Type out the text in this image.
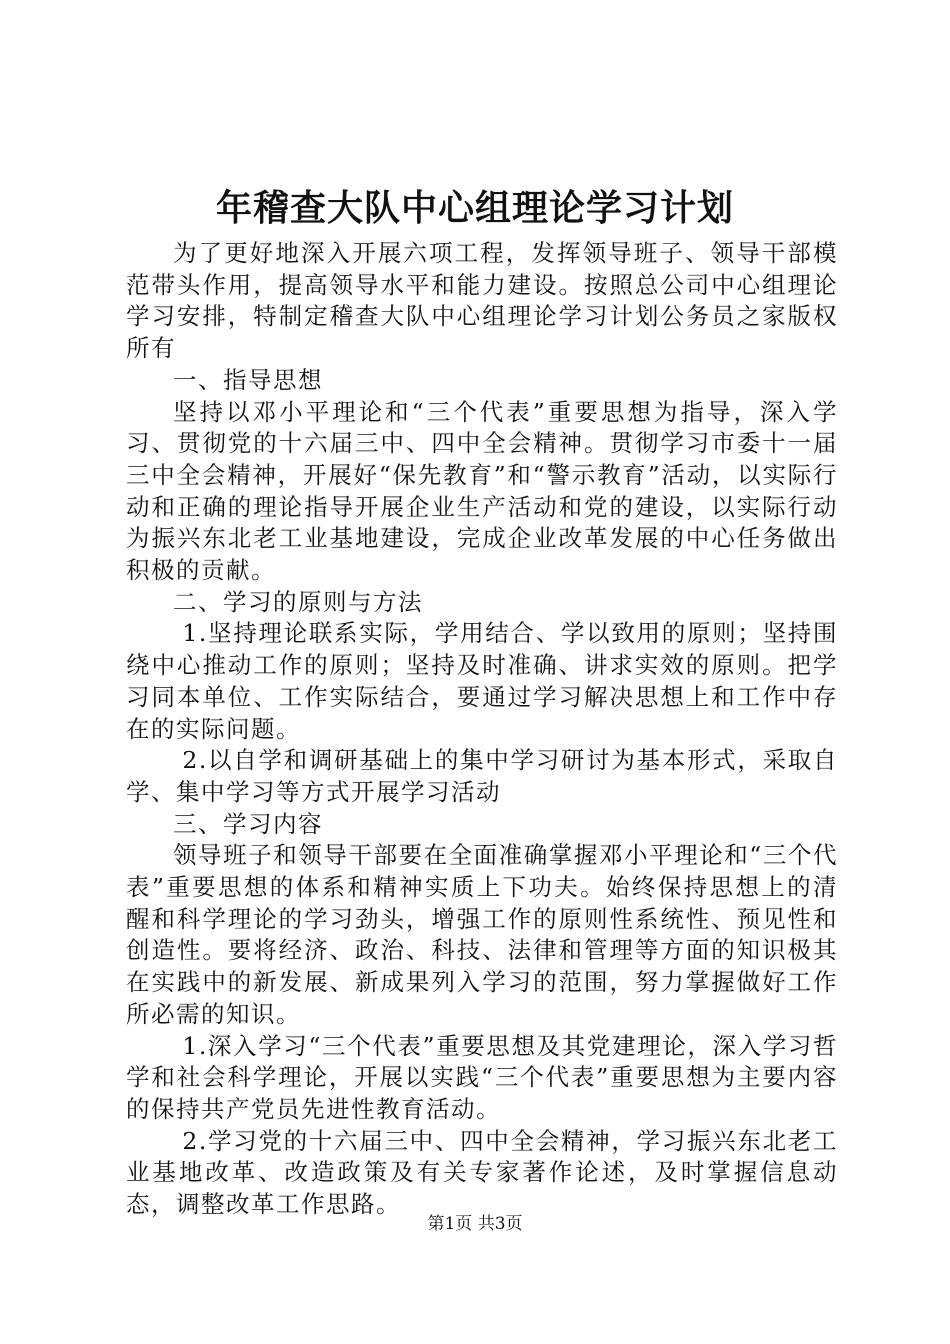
年稽查大队中心组理论学习计划

为了更好地深入开展六项工程，发挥领导班子、领导干部模范带头作用，提高领导水平和能力建设。按照总公司中心组理论学习安排，特制定稽查大队中心组理论学习计划公务员之家版权所有

一、指导思想

坚持以邓小平理论和“三个代表”重要思想为指导，深入学习、贯彻党的十六届三中、四中全会精神。贯彻学习市委十一届三中全会精神，开展好“保先教育”和“警示教育”活动，以实际行动和正确的理论指导开展企业生产活动和党的建设，以实际行动为振兴东北老工业基地建设，完成企业改革发展的中心任务做出积极的贡献。

二、学习的原则与方法

1.坚持理论联系实际，学用结合、学以致用的原则；坚持围绕中心推动工作的原则；坚持及时准确、讲求实效的原则。把学习同本单位、工作实际结合，要通过学习解决思想上和工作中存在的实际问题。

2.以自学和调研基础上的集中学习研讨为基本形式，采取自学、集中学习等方式开展学习活动

三、学习内容

领导班子和领导干部要在全面准确掌握邓小平理论和“三个代表”重要思想的体系和精神实质上下功夫。始终保持思想上的清醒和科学理论的学习劲头，增强工作的原则性系统性、预见性和创造性。要将经济、政治、科技、法律和管理等方面的知识极其在实践中的新发展、新成果列入学习的范围，努力掌握做好工作所必需的知识。

1.深入学习“三个代表”重要思想及其党建理论，深入学习哲学和社会科学理论，开展以实践“三个代表”重要思想为主要内容的保持共产党员先进性教育活动。

2.学习党的十六届三中、四中全会精神，学习振兴东北老工业基地改革、改造政策及有关专家著作论述，及时掌握信息动态，调整改革工作思路。

第1页 共3页
